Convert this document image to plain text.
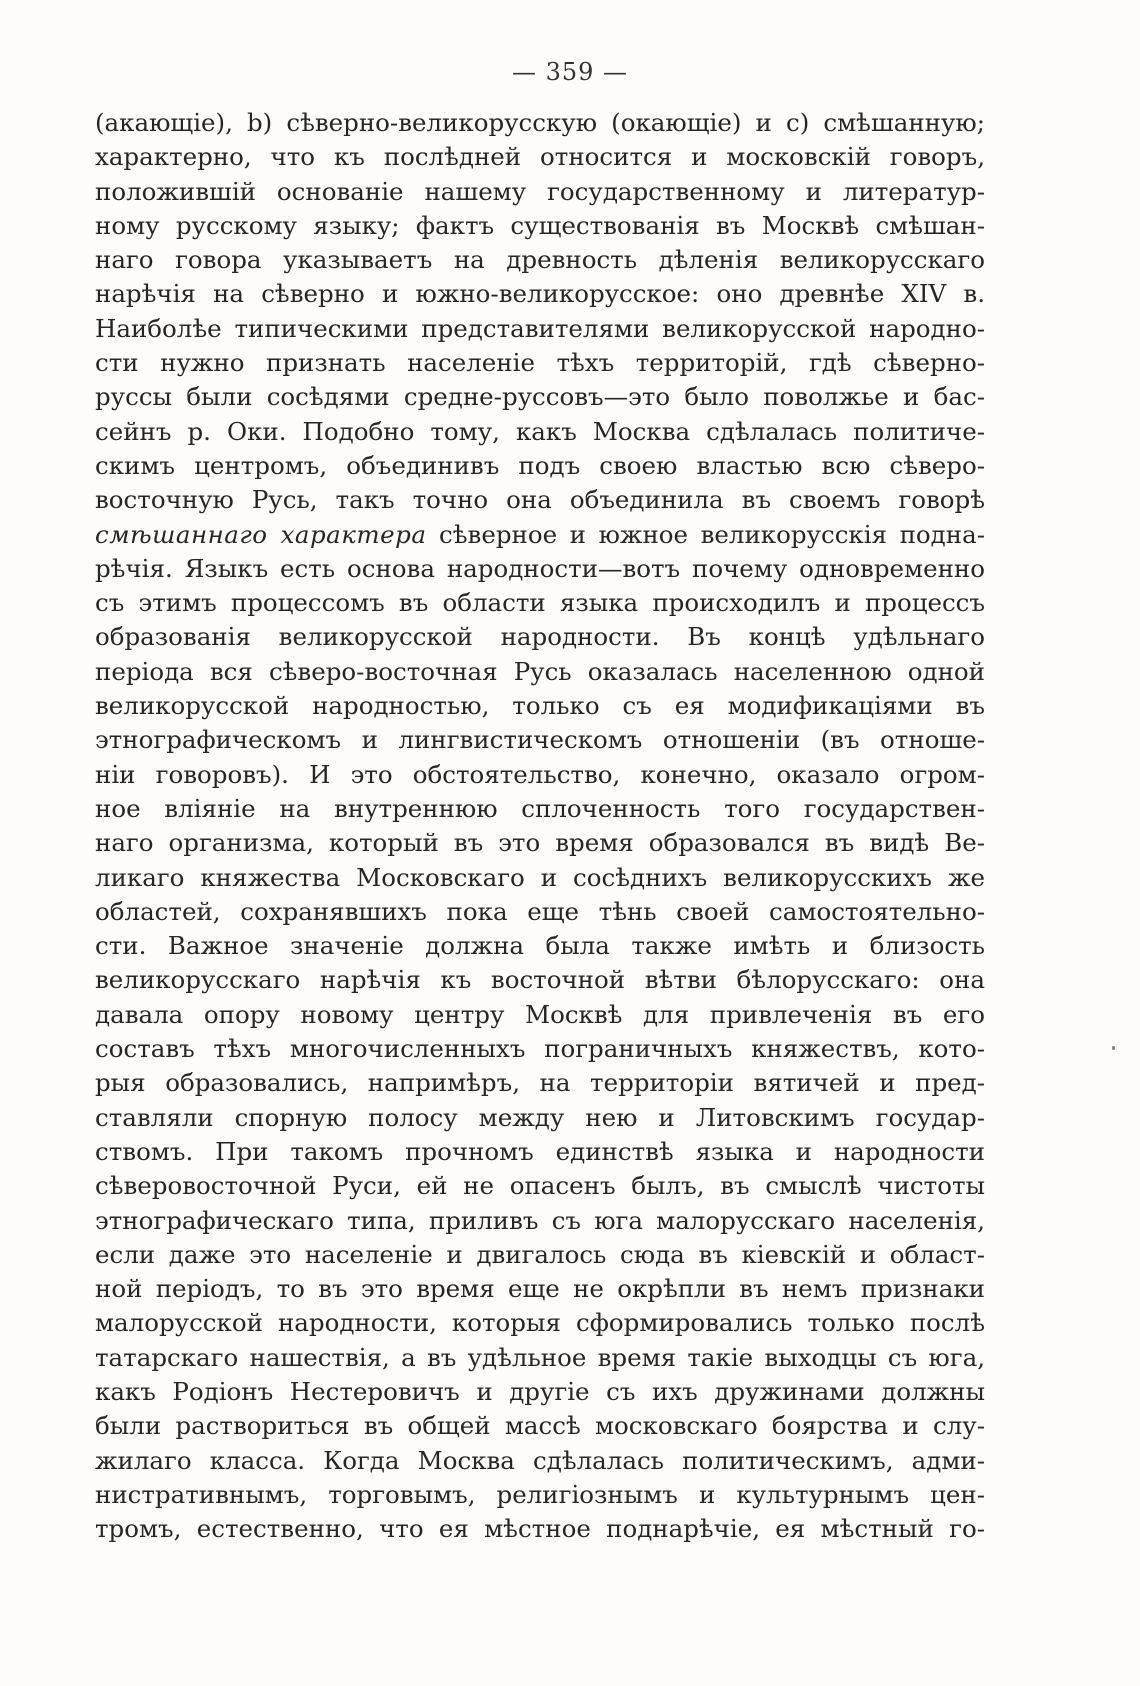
— 359 —
(акающіе), b) сѣверно-великорусскую (окающіе) и c) смѣшанную;
характерно, что къ послѣдней относится и московскій говоръ,
положившій основаніе нашему государственному и литератур-
ному русскому языку; фактъ существованія въ Москвѣ смѣшан-
наго говора указываетъ на древность дѣленія великорусскаго
нарѣчія на сѣверно и южно-великорусское: оно древнѣе XIV в.
Наиболѣе типическими представителями великорусской народно-
сти нужно признать населеніе тѣхъ территорій, гдѣ сѣверно-
руссы были сосѣдями средне-руссовъ—это было поволжье и бас-
сейнъ р. Оки. Подобно тому, какъ Москва сдѣлалась политиче-
скимъ центромъ, объединивъ подъ своею властью всю сѣверо-
восточную Русь, такъ точно она объединила въ своемъ говорѣ
смѣшаннаго характера сѣверное и южное великорусскія подна-
рѣчія. Языкъ есть основа народности—вотъ почему одновременно
съ этимъ процессомъ въ области языка происходилъ и процессъ
образованія великорусской народности. Въ концѣ удѣльнаго
періода вся сѣверо-восточная Русь оказалась населенною одной
великорусской народностью, только съ ея модификаціями въ
этнографическомъ и лингвистическомъ отношеніи (въ отноше-
ніи говоровъ). И это обстоятельство, конечно, оказало огром-
ное вліяніе на внутреннюю сплоченность того государствен-
наго организма, который въ это время образовался въ видѣ Ве-
ликаго княжества Московскаго и сосѣднихъ великорусскихъ же
областей, сохранявшихъ пока еще тѣнь своей самостоятельно-
сти. Важное значеніе должна была также имѣть и близость
великорусскаго нарѣчія къ восточной вѣтви бѣлорусскаго: она
давала опору новому центру Москвѣ для привлеченія въ его
составъ тѣхъ многочисленныхъ пограничныхъ княжествъ, кото-
рыя образовались, напримѣръ, на территоріи вятичей и пред-
ставляли спорную полосу между нею и Литовскимъ государ-
ствомъ. При такомъ прочномъ единствѣ языка и народности
сѣверовосточной Руси, ей не опасенъ былъ, въ смыслѣ чистоты
этнографическаго типа, приливъ съ юга малорусскаго населенія,
если даже это населеніе и двигалось сюда въ кіевскій и област-
ной періодъ, то въ это время еще не окрѣпли въ немъ признаки
малорусской народности, которыя сформировались только послѣ
татарскаго нашествія, а въ удѣльное время такіе выходцы съ юга,
какъ Родіонъ Нестеровичъ и другіе съ ихъ дружинами должны
были раствориться въ общей массѣ московскаго боярства и слу-
жилаго класса. Когда Москва сдѣлалась политическимъ, адми-
нистративнымъ, торговымъ, религіознымъ и культурнымъ цен-
тромъ, естественно, что ея мѣстное поднарѣчіе, ея мѣстный го-
